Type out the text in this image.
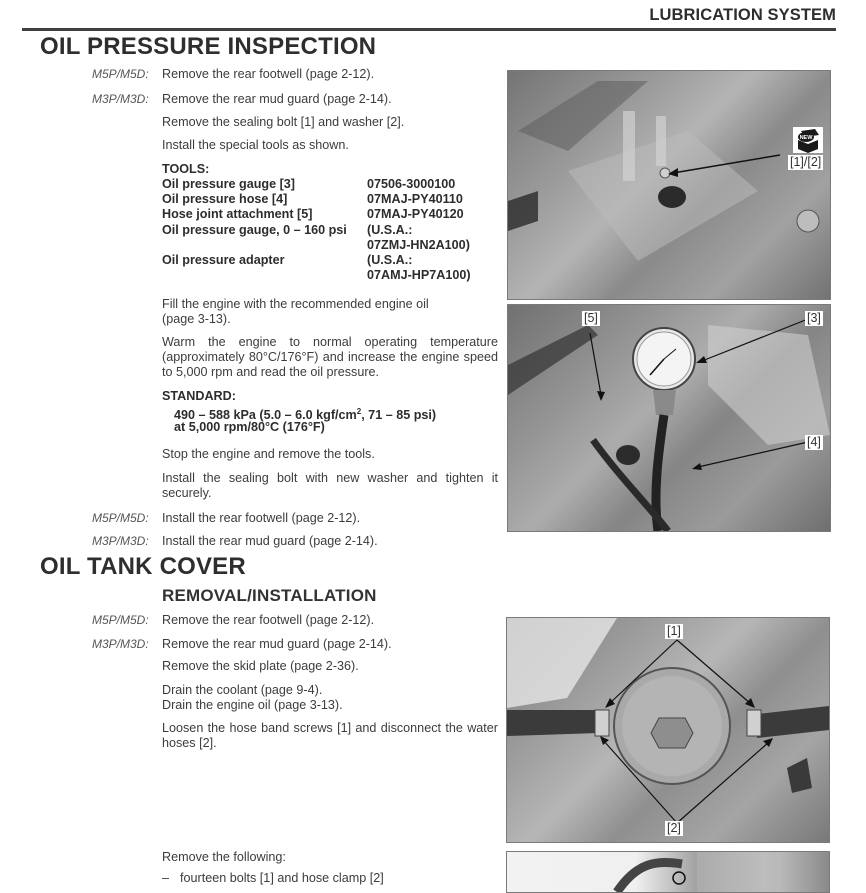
LUBRICATION SYSTEM
OIL PRESSURE INSPECTION
M5P/M5D:	Remove the rear footwell (page 2-12).
M3P/M3D:	Remove the rear mud guard (page 2-14).
Remove the sealing bolt [1] and washer [2].
Install the special tools as shown.
TOOLS:
Oil pressure gauge [3]	07506-3000100
Oil pressure hose [4]	07MAJ-PY40110
Hose joint attachment [5]	07MAJ-PY40120
Oil pressure gauge, 0 – 160 psi	(U.S.A.:
07ZMJ-HN2A100)

Oil pressure adapter	(U.S.A.:
07AMJ-HP7A100)
Fill the engine with the recommended engine oil (page 3-13).
Warm the engine to normal operating temperature (approximately 80°C/176°F) and increase the engine speed to 5,000 rpm and read the oil pressure.
STANDARD:
490 – 588 kPa (5.0 – 6.0 kgf/$cm^2$, 71 – 85 psi)
at 5,000 rpm/80°C (176°F)
Stop the engine and remove the tools.
Install the sealing bolt with new washer and tighten it securely.
M5P/M5D:	Install the rear footwell (page 2-12).
M3P/M3D:	Install the rear mud guard (page 2-14).
NEW
[1]/[2]
[5]	[3]
[4]
OIL TANK COVER
REMOVAL/INSTALLATION
M5P/M5D:	Remove the rear footwell (page 2-12).
M3P/M3D:	Remove the rear mud guard (page 2-14).
Remove the skid plate (page 2-36).
Drain the coolant (page 9-4).
Drain the engine oil (page 3-13).
Loosen the hose band screws [1] and disconnect the water hoses [2].
Remove the following:
– fourteen bolts [1] and hose clamp [2]
[1]
[2]
